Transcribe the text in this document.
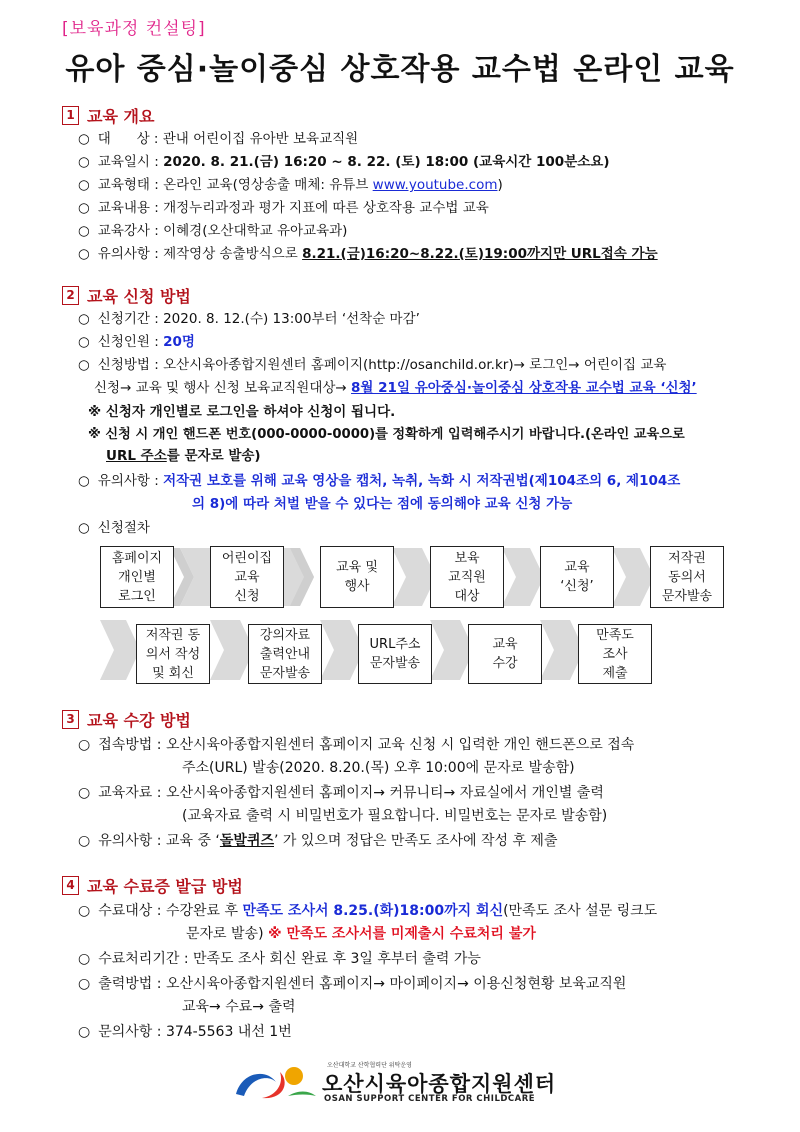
[보육과정 컨설팅]
유아 중심·놀이중심 상호작용 교수법 온라인 교육
1 교육 개요
○ 대      상 : 관내 어린이집 유아반 보육교직원
○ 교육일시 : 2020. 8. 21.(금) 16:20 ~ 8. 22. (토) 18:00 (교육시간 100분소요)
○ 교육형태 : 온라인 교육(영상송출 매체: 유튜브 www.youtube.com)
○ 교육내용 : 개정누리과정과 평가 지표에 따른 상호작용 교수법 교육
○ 교육강사 : 이혜경(오산대학교 유아교육과)
○ 유의사항 : 제작영상 송출방식으로 8.21.(금)16:20~8.22.(토)19:00까지만 URL접속 가능
2 교육 신청 방법
○ 신청기간 : 2020. 8. 12.(수) 13:00부터 ‘선착순 마감’
○ 신청인원 : 20명
○ 신청방법 : 오산시육아종합지원센터 홈페이지(http://osanchild.or.kr)→ 로그인→ 어린이집 교육
신청→ 교육 및 행사 신청 보육교직원대상→ 8월 21일 유아중심·놀이중심 상호작용 교수법 교육 ‘신청’
※ 신청자 개인별로 로그인을 하셔야 신청이 됩니다.
※ 신청 시 개인 핸드폰 번호(000-0000-0000)를 정확하게 입력해주시기 바랍니다.(온라인 교육으로
URL 주소를 문자로 발송)
○ 유의사항 : 저작권 보호를 위해 교육 영상을 캡처, 녹취, 녹화 시 저작권법(제104조의 6, 제104조
의 8)에 따라 처벌 받을 수 있다는 점에 동의해야 교육 신청 가능
○ 신청절차
홈페이지
개인별
로그인
어린이집
교육
신청
교육 및
행사
보육
교직원
대상
교육
‘신청’
저작권
동의서
문자발송
저작권 동
의서 작성
및 회신
강의자료
출력안내
문자발송
URL주소
문자발송
교육
수강
만족도
조사
제출
3 교육 수강 방법
○ 접속방법 : 오산시육아종합지원센터 홈페이지 교육 신청 시 입력한 개인 핸드폰으로 접속
주소(URL) 발송(2020. 8.20.(목) 오후 10:00에 문자로 발송함)
○ 교육자료 : 오산시육아종합지원센터 홈페이지→ 커뮤니티→ 자료실에서 개인별 출력
(교육자료 출력 시 비밀번호가 필요합니다. 비밀번호는 문자로 발송함)
○ 유의사항 : 교육 중 ‘돌발퀴즈’ 가 있으며 정답은 만족도 조사에 작성 후 제출
4 교육 수료증 발급 방법
○ 수료대상 : 수강완료 후 만족도 조사서 8.25.(화)18:00까지 회신(만족도 조사 설문 링크도
문자로 발송) ※ 만족도 조사서를 미제출시 수료처리 불가
○ 수료처리기간 : 만족도 조사 회신 완료 후 3일 후부터 출력 가능
○ 출력방법 : 오산시육아종합지원센터 홈페이지→ 마이페이지→ 이용신청현황 보육교직원
교육→ 수료→ 출력
○ 문의사항 : 374-5563 내선 1번
오산대학교 산학협력단 위탁운영
오산시육아종합지원센터
OSAN SUPPORT CENTER FOR CHILDCARE
